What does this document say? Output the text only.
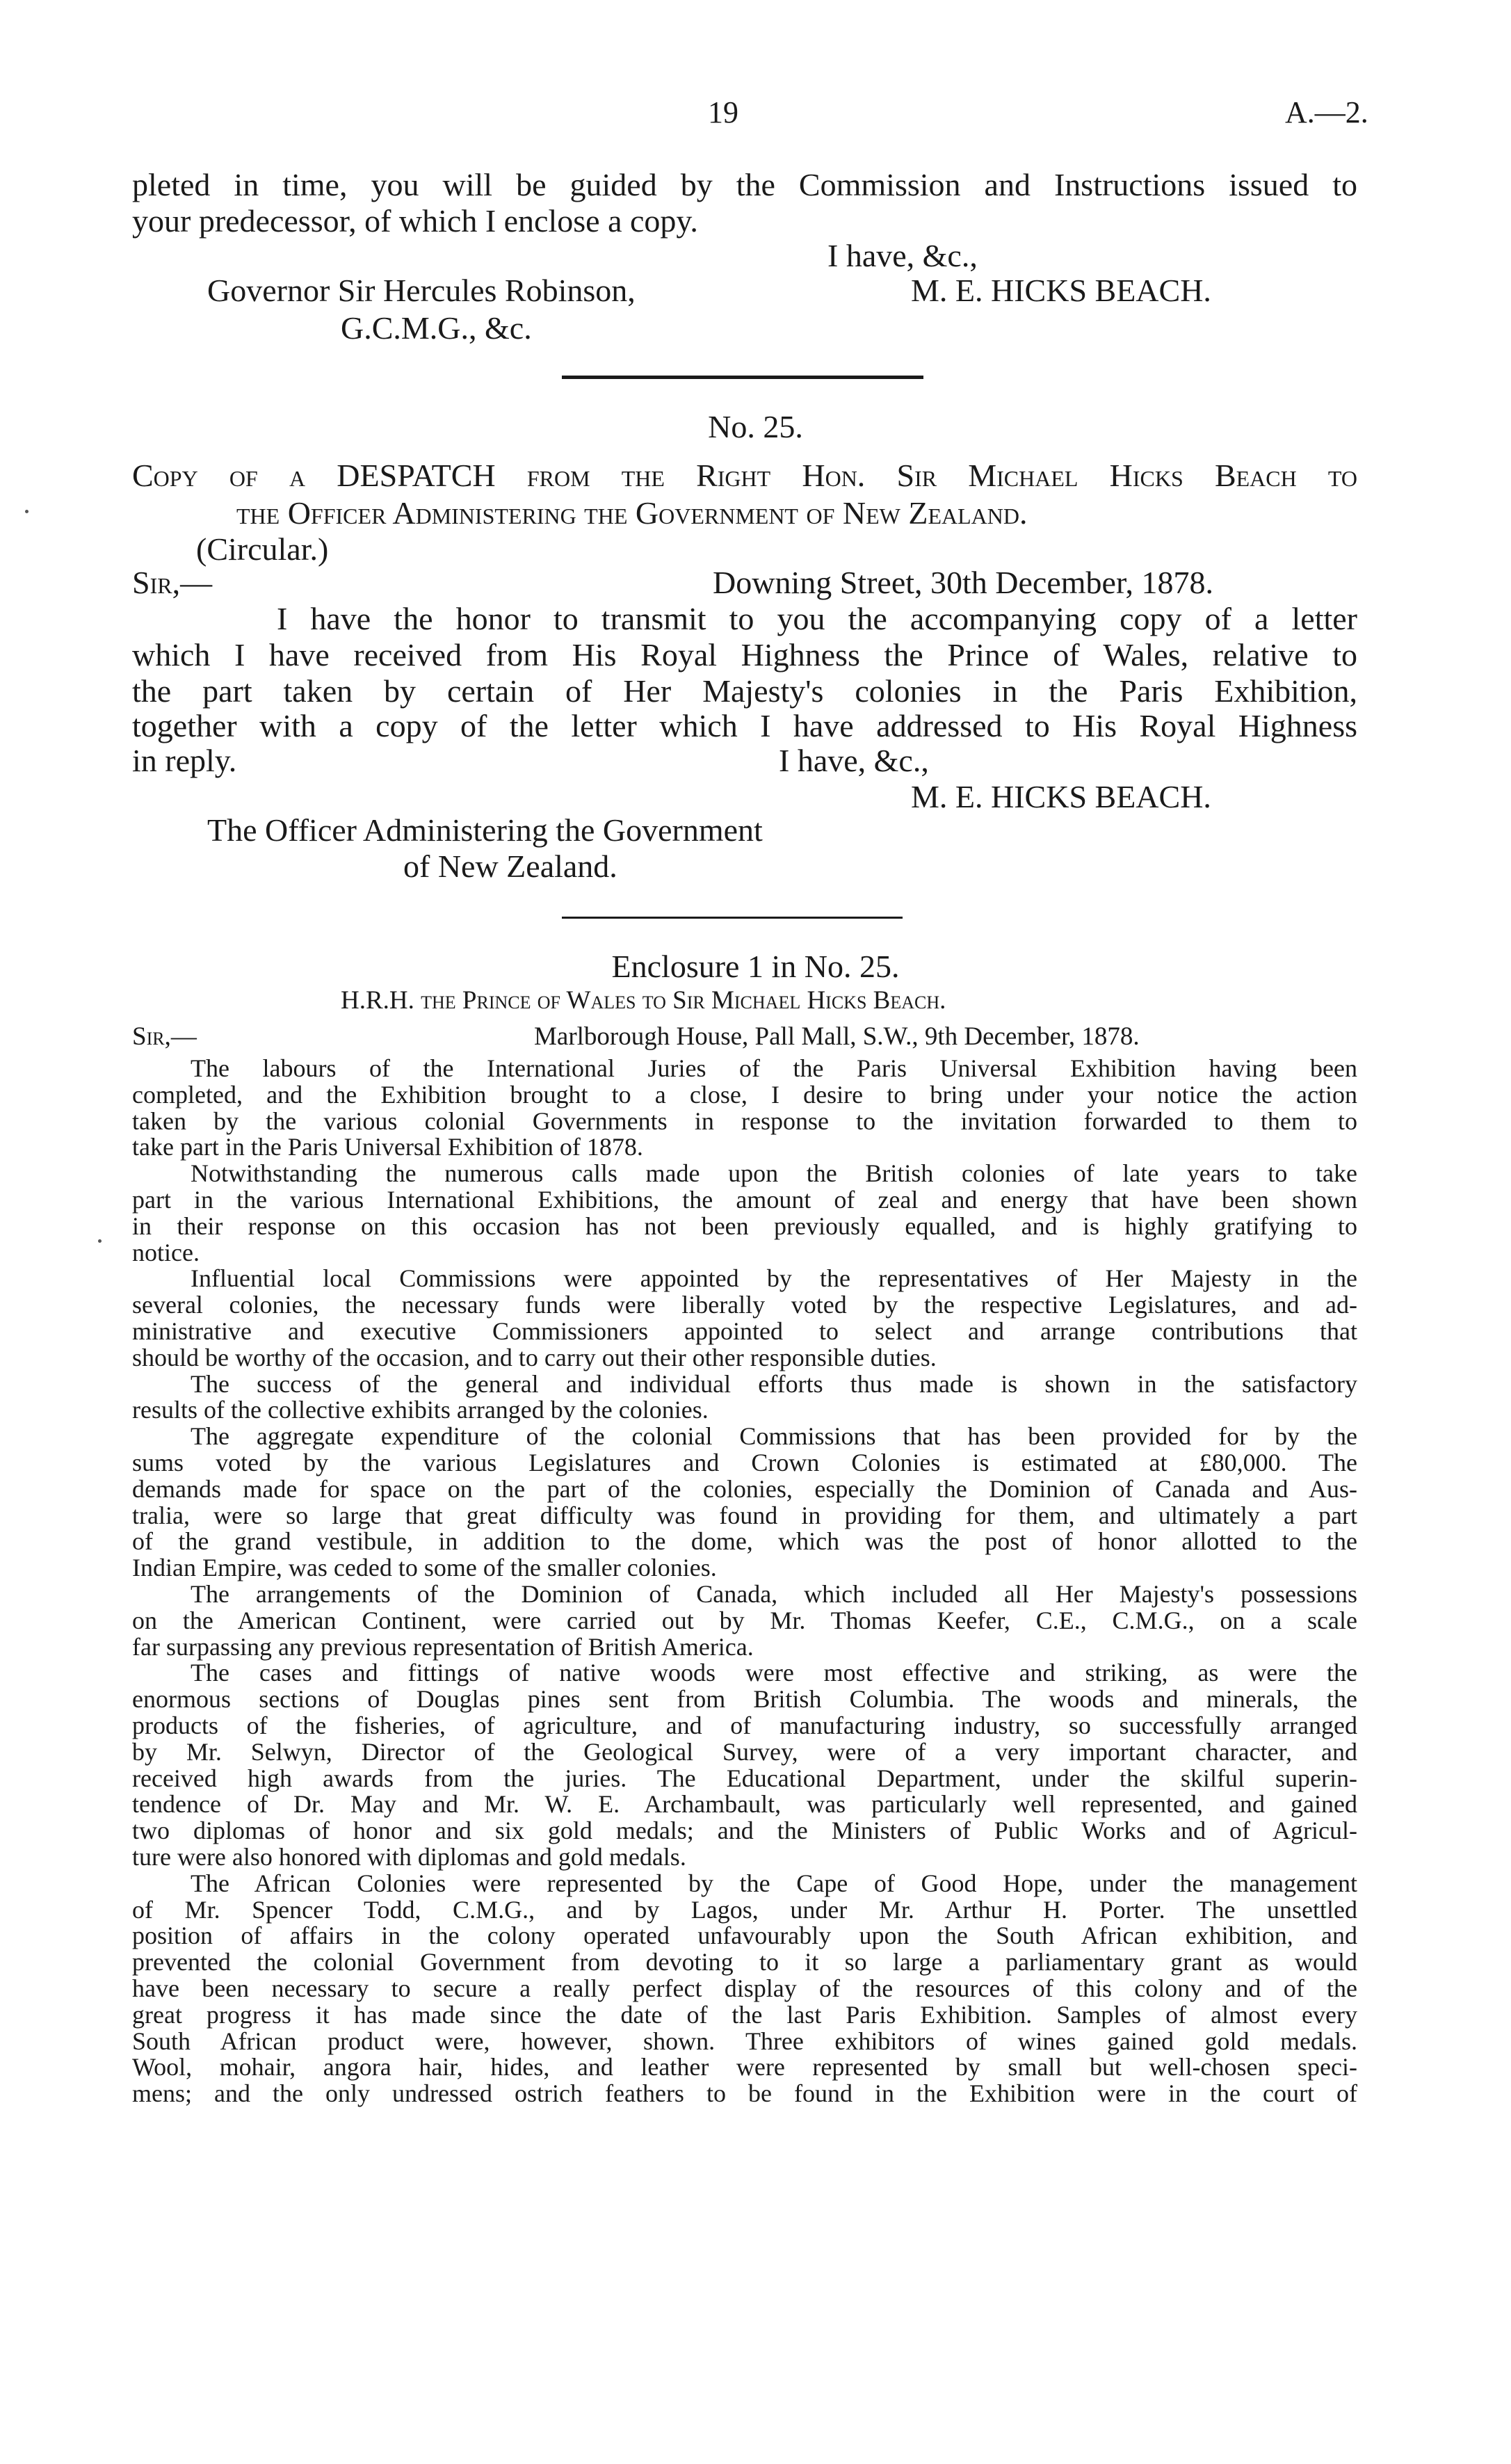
19	A.—2.
pleted in time, you will be guided by the Commission and Instructions issued to
your predecessor, of which I enclose a copy.
I have, &c.,
Governor Sir Hercules Robinson,	M. E. HICKS BEACH.
G.C.M.G., &c.
No. 25.
Copy of a DESPATCH from the Right Hon. Sir Michael Hicks Beach to
the Officer Administering the Government of New Zealand.
(Circular.)
Sir,—	Downing Street, 30th December, 1878.
I have the honor to transmit to you the accompanying copy of a letter
which I have received from His Royal Highness the Prince of Wales, relative to
the part taken by certain of Her Majesty's colonies in the Paris Exhibition,
together with a copy of the letter which I have addressed to His Royal Highness
in reply.	I have, &c.,
M. E. HICKS BEACH.
The Officer Administering the Government
of New Zealand.
Enclosure 1 in No. 25.
H.R.H. the Prince of Wales to Sir Michael Hicks Beach.
Sir,—	Marlborough House, Pall Mall, S.W., 9th December, 1878.
The labours of the International Juries of the Paris Universal Exhibition having been
completed, and the Exhibition brought to a close, I desire to bring under your notice the action
taken by the various colonial Governments in response to the invitation forwarded to them to
take part in the Paris Universal Exhibition of 1878.
Notwithstanding the numerous calls made upon the British colonies of late years to take
part in the various International Exhibitions, the amount of zeal and energy that have been shown
in their response on this occasion has not been previously equalled, and is highly gratifying to
notice.
Influential local Commissions were appointed by the representatives of Her Majesty in the
several colonies, the necessary funds were liberally voted by the respective Legislatures, and ad-
ministrative and executive Commissioners appointed to select and arrange contributions that
should be worthy of the occasion, and to carry out their other responsible duties.
The success of the general and individual efforts thus made is shown in the satisfactory
results of the collective exhibits arranged by the colonies.
The aggregate expenditure of the colonial Commissions that has been provided for by the
sums voted by the various Legislatures and Crown Colonies is estimated at £80,000. The
demands made for space on the part of the colonies, especially the Dominion of Canada and Aus-
tralia, were so large that great difficulty was found in providing for them, and ultimately a part
of the grand vestibule, in addition to the dome, which was the post of honor allotted to the
Indian Empire, was ceded to some of the smaller colonies.
The arrangements of the Dominion of Canada, which included all Her Majesty's possessions
on the American Continent, were carried out by Mr. Thomas Keefer, C.E., C.M.G., on a scale
far surpassing any previous representation of British America.
The cases and fittings of native woods were most effective and striking, as were the
enormous sections of Douglas pines sent from British Columbia. The woods and minerals, the
products of the fisheries, of agriculture, and of manufacturing industry, so successfully arranged
by Mr. Selwyn, Director of the Geological Survey, were of a very important character, and
received high awards from the juries. The Educational Department, under the skilful superin-
tendence of Dr. May and Mr. W. E. Archambault, was particularly well represented, and gained
two diplomas of honor and six gold medals; and the Ministers of Public Works and of Agricul-
ture were also honored with diplomas and gold medals.
The African Colonies were represented by the Cape of Good Hope, under the management
of Mr. Spencer Todd, C.M.G., and by Lagos, under Mr. Arthur H. Porter. The unsettled
position of affairs in the colony operated unfavourably upon the South African exhibition, and
prevented the colonial Government from devoting to it so large a parliamentary grant as would
have been necessary to secure a really perfect display of the resources of this colony and of the
great progress it has made since the date of the last Paris Exhibition. Samples of almost every
South African product were, however, shown. Three exhibitors of wines gained gold medals.
Wool, mohair, angora hair, hides, and leather were represented by small but well-chosen speci-
mens; and the only undressed ostrich feathers to be found in the Exhibition were in the court of
